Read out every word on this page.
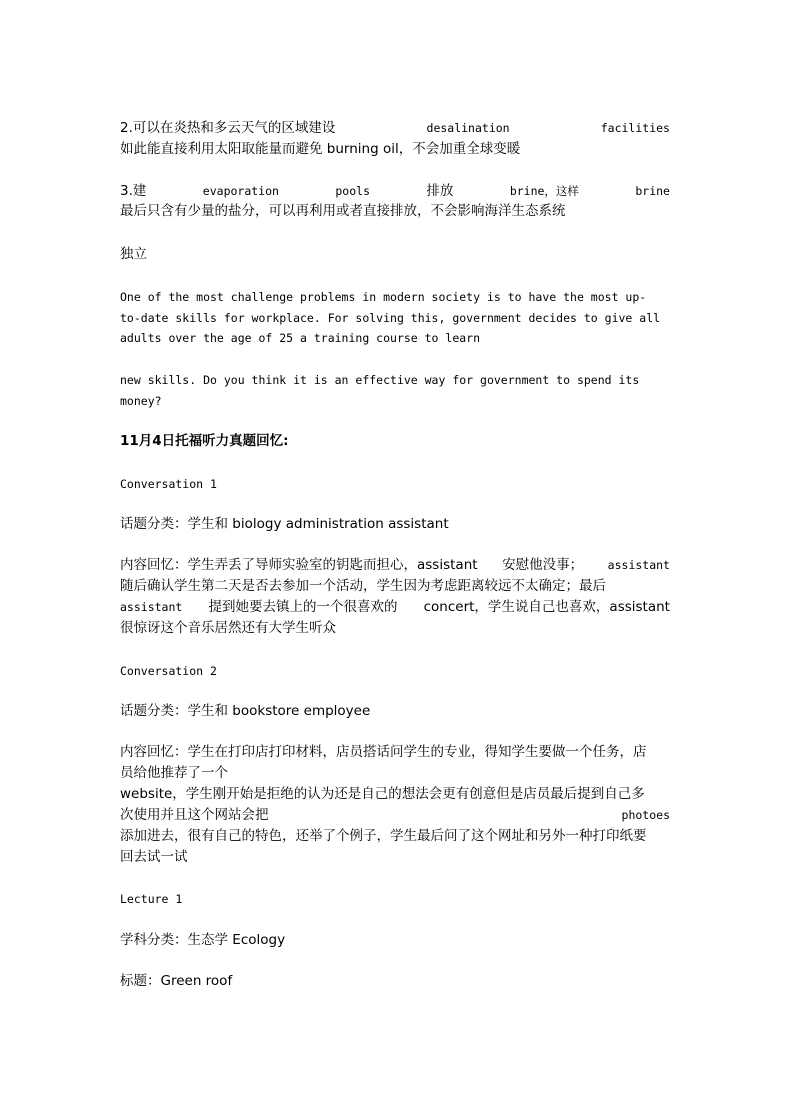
2.可以在炎热和多云天气的区域建设	desalination	facilities
如此能直接利用太阳取能量而避免 burning oil，不会加重全球变暖
3.建	evaporation	pools	排放	brine，这样	brine
最后只含有少量的盐分，可以再利用或者直接排放，不会影响海洋生态系统
独立
One of the most challenge problems in modern society is to have the most up-
to-date skills for workplace. For solving this, government decides to give all
adults over the age of 25 a training course to learn
new skills. Do you think it is an effective way for government to spend its
money?
11月4日托福听力真题回忆:
Conversation 1
话题分类：学生和 biology administration assistant
内容回忆：学生弄丢了导师实验室的钥匙而担心，assistant 安慰他没事； assistant
随后确认学生第二天是否去参加一个活动，学生因为考虑距离较远不太确定；最后
assistant 提到她要去镇上的一个很喜欢的 concert，学生说自己也喜欢，assistant
很惊讶这个音乐居然还有大学生听众
Conversation 2
话题分类：学生和 bookstore employee
内容回忆：学生在打印店打印材料，店员搭话问学生的专业，得知学生要做一个任务，店
员给他推荐了一个
website，学生刚开始是拒绝的认为还是自己的想法会更有创意但是店员最后提到自己多
次使用并且这个网站会把	photoes
添加进去，很有自己的特色，还举了个例子，学生最后问了这个网址和另外一种打印纸要
回去试一试
Lecture 1
学科分类：生态学 Ecology
标题：Green roof
